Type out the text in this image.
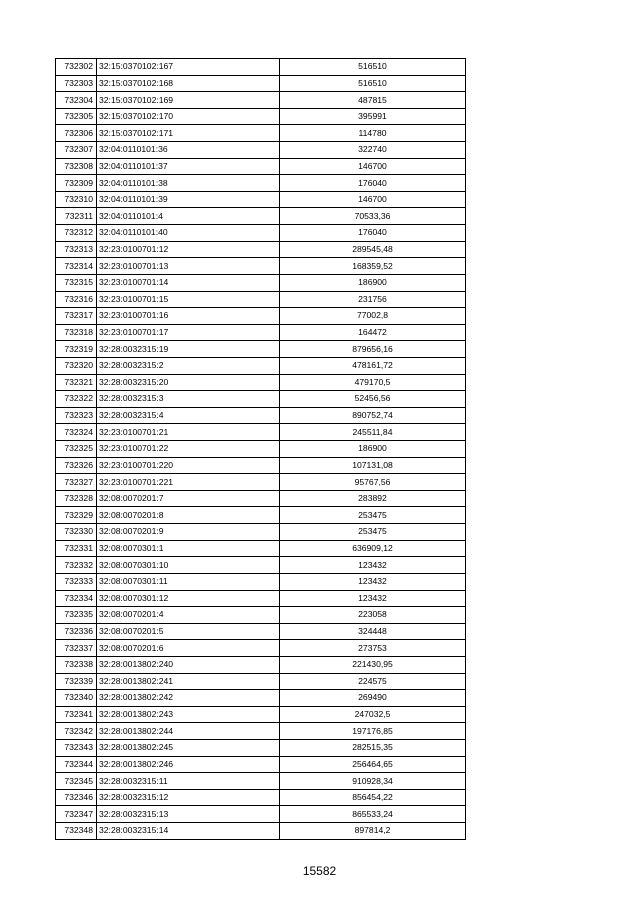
732302	32:15:0370102:167	516510
732303	32:15:0370102:168	516510
732304	32:15:0370102:169	487815
732305	32:15:0370102:170	395991
732306	32:15:0370102:171	114780
732307	32:04:0110101:36	322740
732308	32:04:0110101:37	146700
732309	32:04:0110101:38	176040
732310	32:04:0110101:39	146700
732311	32:04:0110101:4	70533,36
732312	32:04:0110101:40	176040
732313	32:23:0100701:12	289545,48
732314	32:23:0100701:13	168359,52
732315	32:23:0100701:14	186900
732316	32:23:0100701:15	231756
732317	32:23:0100701:16	77002,8
732318	32:23:0100701:17	164472
732319	32:28:0032315:19	879656,16
732320	32:28:0032315:2	478161,72
732321	32:28:0032315:20	479170,5
732322	32:28:0032315:3	52456,56
732323	32:28:0032315:4	890752,74
732324	32:23:0100701:21	245511,84
732325	32:23:0100701:22	186900
732326	32:23:0100701:220	107131,08
732327	32:23:0100701:221	95767,56
732328	32:08:0070201:7	283892
732329	32:08:0070201:8	253475
732330	32:08:0070201:9	253475
732331	32:08:0070301:1	636909,12
732332	32:08:0070301:10	123432
732333	32:08:0070301:11	123432
732334	32:08:0070301:12	123432
732335	32:08:0070201:4	223058
732336	32:08:0070201:5	324448
732337	32:08:0070201:6	273753
732338	32:28:0013802:240	221430,95
732339	32:28:0013802:241	224575
732340	32:28:0013802:242	269490
732341	32:28:0013802:243	247032,5
732342	32:28:0013802:244	197176,85
732343	32:28:0013802:245	282515,35
732344	32:28:0013802:246	256464,65
732345	32:28:0032315:11	910928,34
732346	32:28:0032315:12	856454,22
732347	32:28:0032315:13	865533,24
732348	32:28:0032315:14	897814,2
15582
